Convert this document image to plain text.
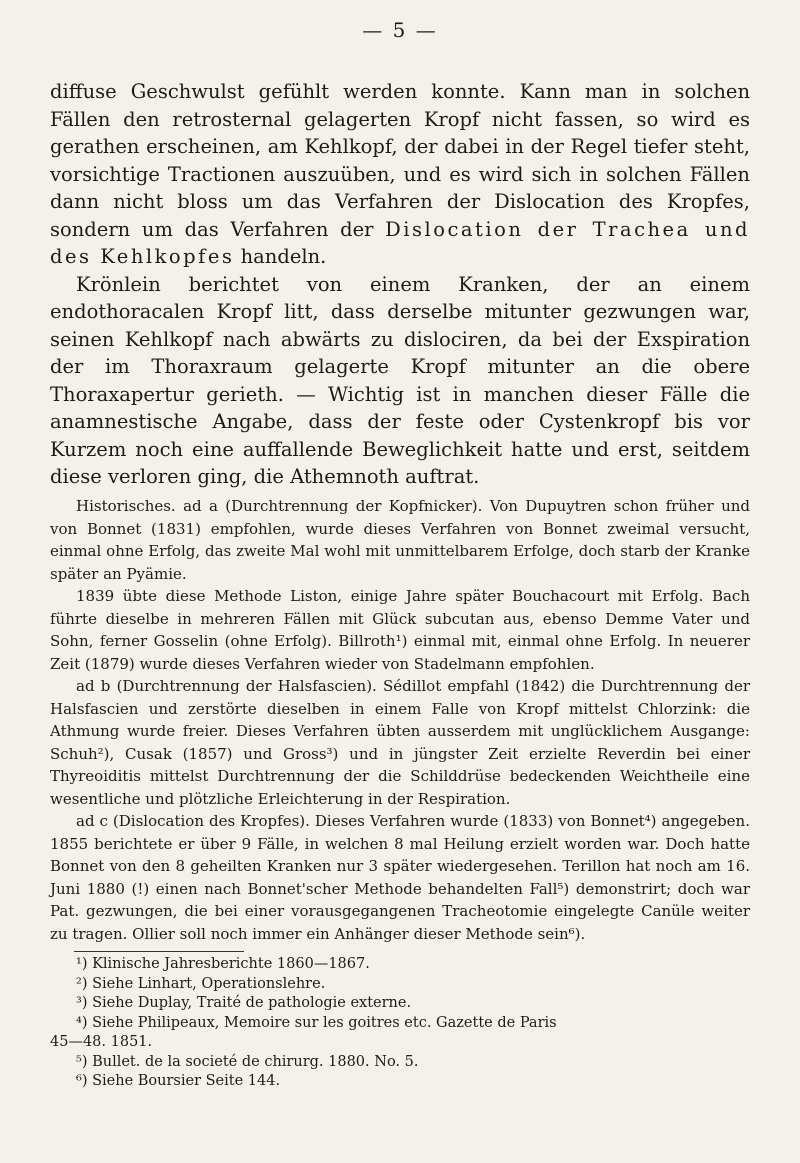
— 5 —

diffuse Geschwulst gefühlt werden konnte. Kann man in solchen Fällen den retrosternal gelagerten Kropf nicht fassen, so wird es gerathen erscheinen, am Kehlkopf, der dabei in der Regel tiefer steht, vorsichtige Tractionen auszuüben, und es wird sich in solchen Fällen dann nicht bloss um das Verfahren der Dislocation des Kropfes, sondern um das Verfahren der Dislocation der Trachea und des Kehlkopfes handeln.

Krönlein berichtet von einem Kranken, der an einem endothoracalen Kropf litt, dass derselbe mitunter gezwungen war, seinen Kehlkopf nach abwärts zu dislociren, da bei der Exspiration der im Thoraxraum gelagerte Kropf mitunter an die obere Thoraxapertur gerieth. — Wichtig ist in manchen dieser Fälle die anamnestische Angabe, dass der feste oder Cystenkropf bis vor Kurzem noch eine auffallende Beweglichkeit hatte und erst, seitdem diese verloren ging, die Athemnoth auftrat.

Historisches. ad a (Durchtrennung der Kopfnicker). Von Dupuytren schon früher und von Bonnet (1831) empfohlen, wurde dieses Verfahren von Bonnet zweimal versucht, einmal ohne Erfolg, das zweite Mal wohl mit unmittelbarem Erfolge, doch starb der Kranke später an Pyämie.

1839 übte diese Methode Liston, einige Jahre später Bouchacourt mit Erfolg. Bach führte dieselbe in mehreren Fällen mit Glück subcutan aus, ebenso Demme Vater und Sohn, ferner Gosselin (ohne Erfolg). Billroth¹) einmal mit, einmal ohne Erfolg. In neuerer Zeit (1879) wurde dieses Verfahren wieder von Stadelmann empfohlen.

ad b (Durchtrennung der Halsfascien). Sédillot empfahl (1842) die Durchtrennung der Halsfascien und zerstörte dieselben in einem Falle von Kropf mittelst Chlorzink: die Athmung wurde freier. Dieses Verfahren übten ausserdem mit unglücklichem Ausgange: Schuh²), Cusak (1857) und Gross³) und in jüngster Zeit erzielte Reverdin bei einer Thyreoiditis mittelst Durchtrennung der die Schilddrüse bedeckenden Weichtheile eine wesentliche und plötzliche Erleichterung in der Respiration.

ad c (Dislocation des Kropfes). Dieses Verfahren wurde (1833) von Bonnet⁴) angegeben. 1855 berichtete er über 9 Fälle, in welchen 8 mal Heilung erzielt worden war. Doch hatte Bonnet von den 8 geheilten Kranken nur 3 später wiedergesehen. Terillon hat noch am 16. Juni 1880 (!) einen nach Bonnet'scher Methode behandelten Fall⁵) demonstrirt; doch war Pat. gezwungen, die bei einer vorausgegangenen Tracheotomie eingelegte Canüle weiter zu tragen. Ollier soll noch immer ein Anhänger dieser Methode sein⁶).

¹) Klinische Jahresberichte 1860—1867.
²) Siehe Linhart, Operationslehre.
³) Siehe Duplay, Traité de pathologie externe.
⁴) Siehe Philipeaux, Memoire sur les goitres etc. Gazette de Paris
45—48. 1851.
⁵) Bullet. de la societé de chirurg. 1880. No. 5.
⁶) Siehe Boursier Seite 144.
